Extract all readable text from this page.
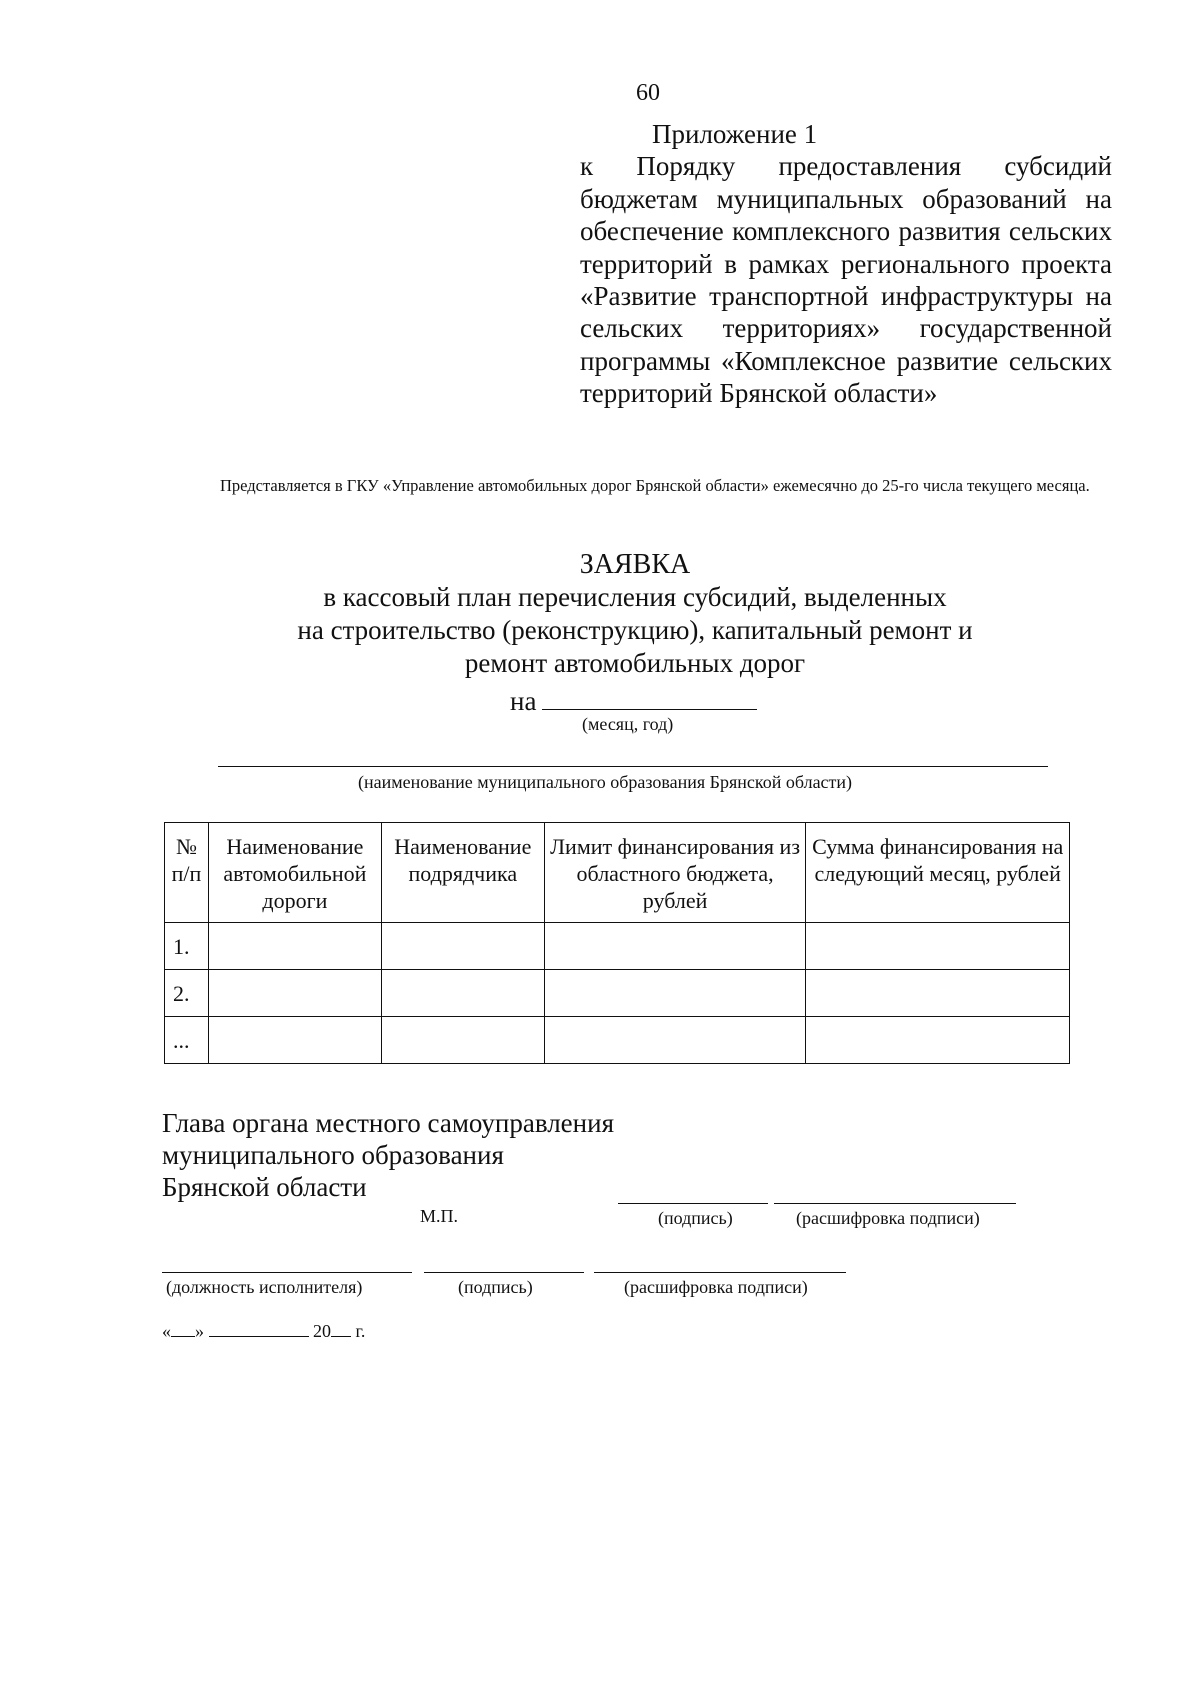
60
Приложение 1
к Порядку предоставления субсидий бюджетам муниципальных образований на обеспечение комплексного развития сельских территорий в рамках регионального проекта «Развитие транспортной инфраструктуры на сельских территориях» государственной программы «Комплексное развитие сельских территорий Брянской области»
Представляется в ГКУ «Управление автомобильных дорог Брянской области» ежемесячно до 25-го числа текущего месяца.
ЗАЯВКА
в кассовый план перечисления субсидий, выделенных
на строительство (реконструкцию), капитальный ремонт и
ремонт автомобильных дорог
на
(месяц, год)
(наименование муниципального образования Брянской области)
№ п/п	Наименование автомобильной дороги	Наименование подрядчика	Лимит финансирования из областного бюджета, рублей	Сумма финансирования на следующий месяц, рублей
1.				
2.				
...				
Глава органа местного самоуправления
муниципального образования
Брянской области
М.П.	(подпись)	(расшифровка подписи)
(должность исполнителя)	(подпись)	(расшифровка подписи)
« »	20 г.
